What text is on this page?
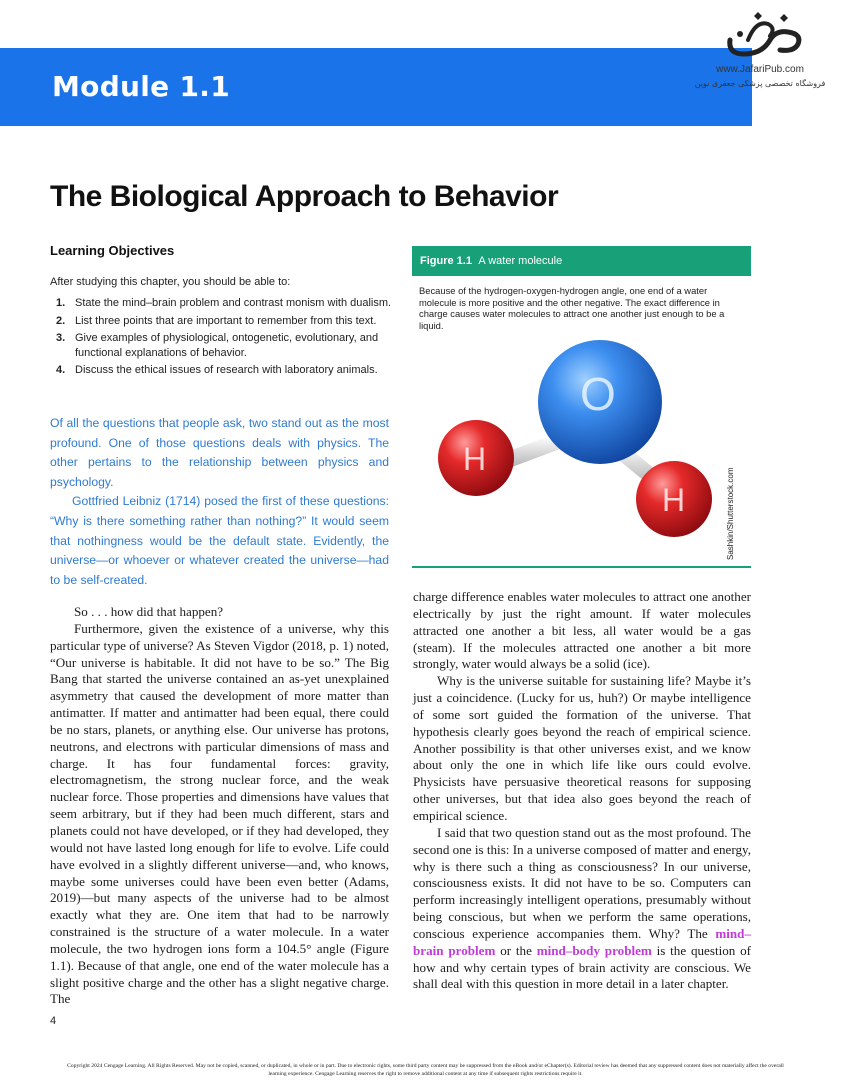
Module 1.1
www.JafariPub.com
فروشگاه تخصصی پزشکی جعفری نوین
The Biological Approach to Behavior
Learning Objectives
After studying this chapter, you should be able to:
1. State the mind–brain problem and contrast monism with dualism.
2. List three points that are important to remember from this text.
3. Give examples of physiological, ontogenetic, evolutionary, and functional explanations of behavior.
4. Discuss the ethical issues of research with laboratory animals.

Of all the questions that people ask, two stand out as the most profound. One of those questions deals with physics. The other pertains to the relationship between physics and psychology.

Gottfried Leibniz (1714) posed the first of these questions: “Why is there something rather than nothing?” It would seem that nothingness would be the default state. Evidently, the universe—or whoever or whatever created the universe—had to be self-created.

Figure 1.1 A water molecule
Because of the hydrogen-oxygen-hydrogen angle, one end of a water molecule is more positive and the other negative. The exact difference in charge causes water molecules to attract one another just enough to be a liquid.
O
H
H	Sashkin/Shutterstock.com

So . . . how did that happen?

Furthermore, given the existence of a universe, why this particular type of universe? As Steven Vigdor (2018, p. 1) noted, “Our universe is habitable. It did not have to be so.” The Big Bang that started the universe contained an as-yet unexplained asymmetry that caused the development of more matter than antimatter. If matter and antimatter had been equal, there could be no stars, planets, or anything else. Our universe has protons, neutrons, and electrons with particular dimensions of mass and charge. It has four fundamental forces: gravity, electromagnetism, the strong nuclear force, and the weak nuclear force. Those properties and dimensions have values that seem arbitrary, but if they had been much different, stars and planets could not have developed, or if they had developed, they would not have lasted long enough for life to evolve. Life could have evolved in a slightly different universe—and, who knows, maybe some universes could have been even better (Adams, 2019)—but many aspects of the universe had to be almost exactly what they are. One item that had to be narrowly constrained is the structure of a water molecule. In a water molecule, the two hydrogen ions form a 104.5° angle (Figure 1.1). Because of that angle, one end of the water molecule has a slight positive charge and the other has a slight negative charge. The

charge difference enables water molecules to attract one another electrically by just the right amount. If water molecules attracted one another a bit less, all water would be a gas (steam). If the molecules attracted one another a bit more strongly, water would always be a solid (ice).

Why is the universe suitable for sustaining life? Maybe it’s just a coincidence. (Lucky for us, huh?) Or maybe intelligence of some sort guided the formation of the universe. That hypothesis clearly goes beyond the reach of empirical science. Another possibility is that other universes exist, and we know about only the one in which life like ours could evolve. Physicists have persuasive theoretical reasons for supposing other universes, but that idea also goes beyond the reach of empirical science.

I said that two question stand out as the most profound. The second one is this: In a universe composed of matter and energy, why is there such a thing as consciousness? In our universe, consciousness exists. It did not have to be so. Computers can perform increasingly intelligent operations, presumably without being conscious, but when we perform the same operations, conscious experience accompanies them. Why? The mind–brain problem or the mind–body problem is the question of how and why certain types of brain activity are conscious. We shall deal with this question in more detail in a later chapter.

4
Copyright 2024 Cengage Learning. All Rights Reserved. May not be copied, scanned, or duplicated, in whole or in part. Due to electronic rights, some third party content may be suppressed from the eBook and/or eChapter(s). Editorial review has deemed that any suppressed content does not materially affect the overall learning experience. Cengage Learning reserves the right to remove additional content at any time if subsequent rights restrictions require it.
